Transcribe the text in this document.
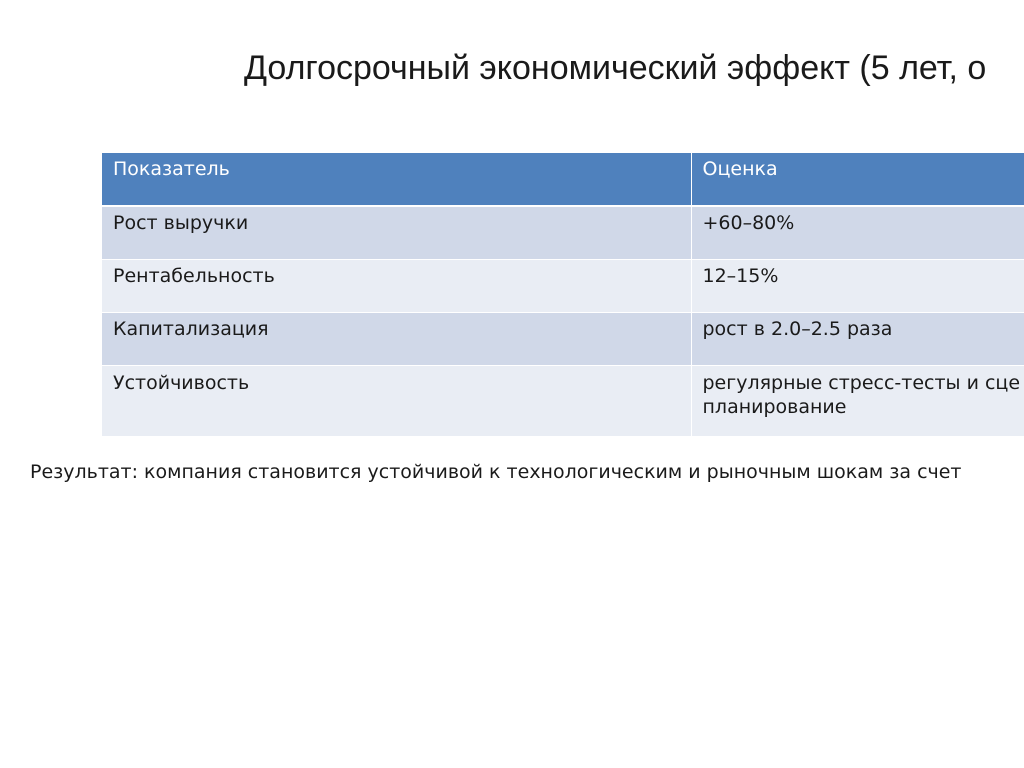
Долгосрочный экономический эффект (5 лет, о
Показатель	Оценка
Рост выручки	+60–80%
Рентабельность	12–15%
Капитализация	рост в 2.0–2.5 раза
Устойчивость	регулярные стресс-тесты и сце планирование
Результат: компания становится устойчивой к технологическим и рыночным шокам за счет
